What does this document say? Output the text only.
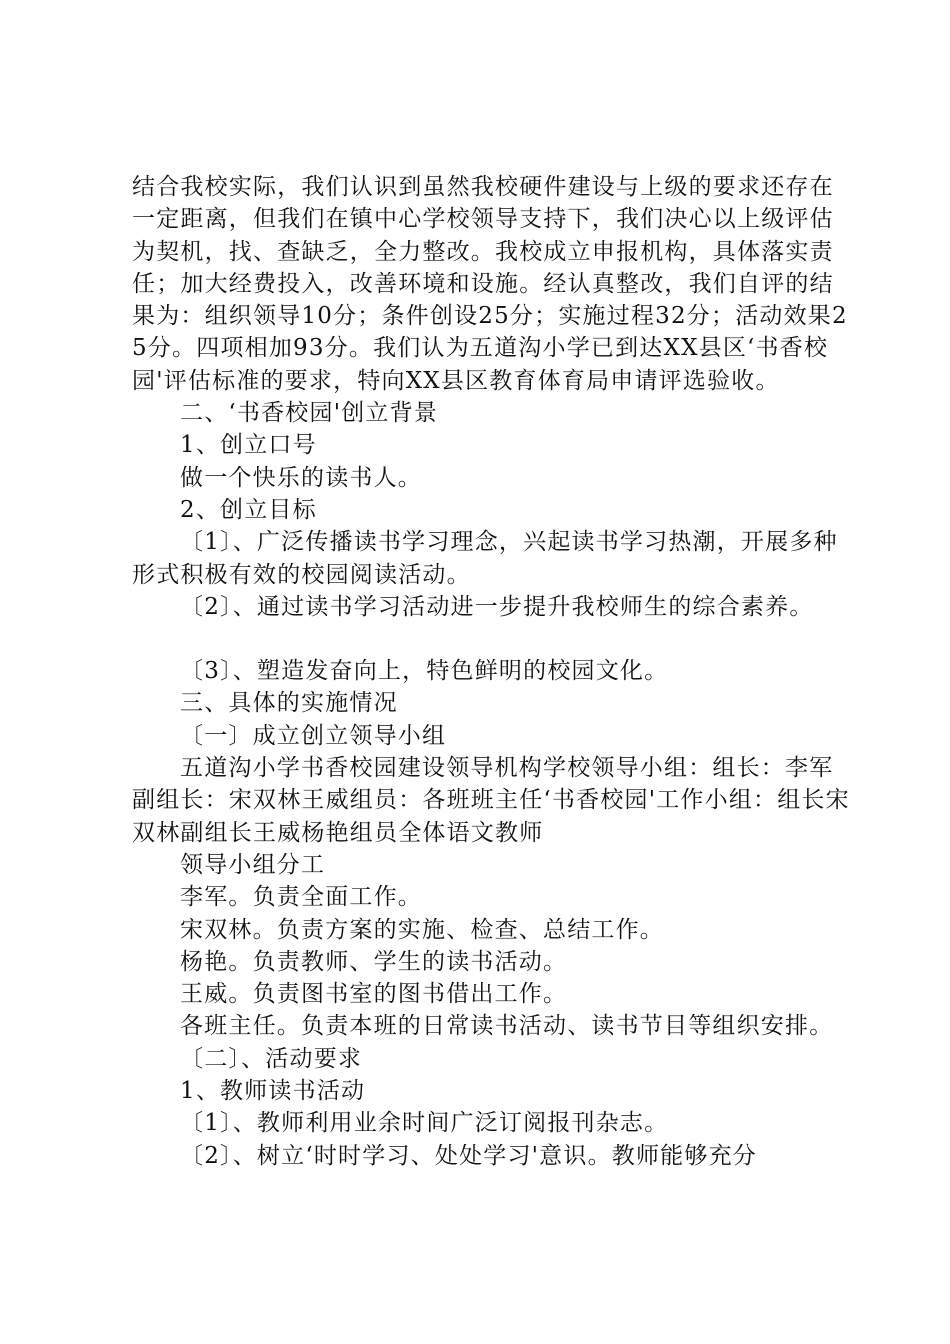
结合我校实际，我们认识到虽然我校硬件建设与上级的要求还存在一定距离，但我们在镇中心学校领导支持下，我们决心以上级评估为契机，找、查缺乏，全力整改。我校成立申报机构，具体落实责任；加大经费投入，改善环境和设施。经认真整改，我们自评的结果为：组织领导10分；条件创设25分；实施过程32分；活动效果25分。四项相加93分。我们认为五道沟小学已到达XX县区‘书香校园'评估标准的要求，特向XX县区教育体育局申请评选验收。

二、‘书香校园'创立背景

1、创立口号

做一个快乐的读书人。

2、创立目标

〔1〕、广泛传播读书学习理念，兴起读书学习热潮，开展多种形式积极有效的校园阅读活动。

〔2〕、通过读书学习活动进一步提升我校师生的综合素养。

〔3〕、塑造发奋向上，特色鲜明的校园文化。

三、具体的实施情况

〔一〕成立创立领导小组

五道沟小学书香校园建设领导机构学校领导小组：组长：李军副组长：宋双林王威组员：各班班主任‘书香校园'工作小组：组长宋双林副组长王威杨艳组员全体语文教师

领导小组分工

李军。负责全面工作。

宋双林。负责方案的实施、检查、总结工作。

杨艳。负责教师、学生的读书活动。

王威。负责图书室的图书借出工作。

各班主任。负责本班的日常读书活动、读书节目等组织安排。

〔二〕、活动要求

1、教师读书活动

〔1〕、教师利用业余时间广泛订阅报刊杂志。

〔2〕、树立‘时时学习、处处学习'意识。教师能够充分
